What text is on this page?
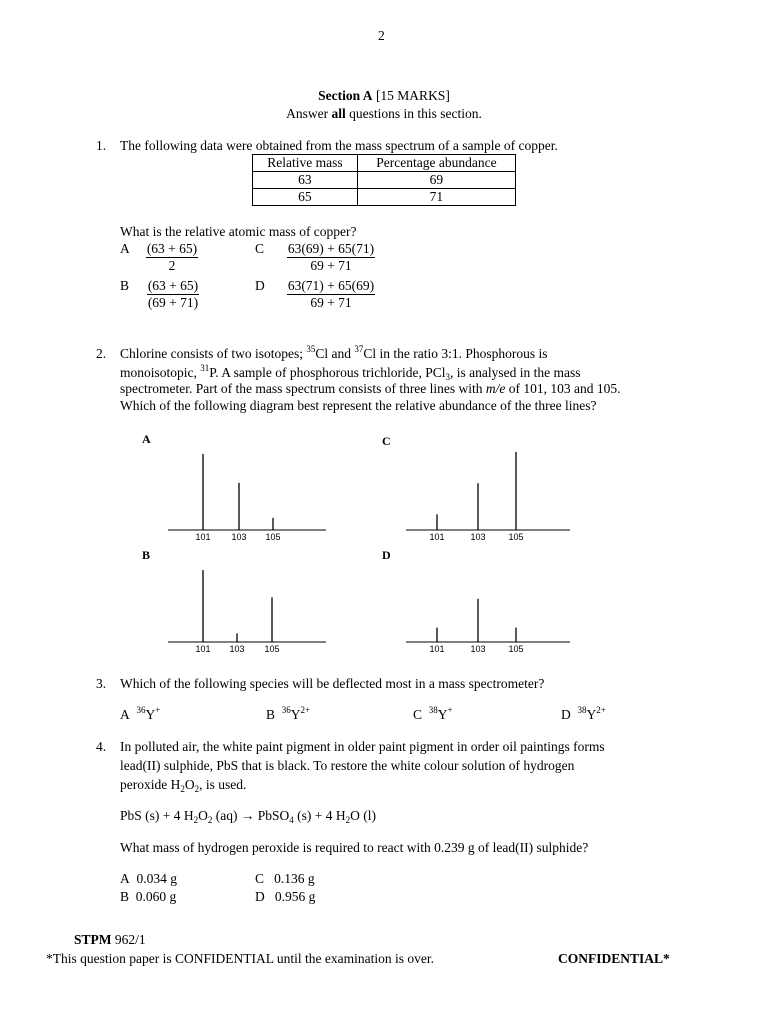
2
Section A [15 MARKS]
Answer all questions in this section.
1. The following data were obtained from the mass spectrum of a sample of copper.
Relative mass	Percentage abundance
63	69
65	71
What is the relative atomic mass of copper?
A $\frac{(63 + 65)}{2}$	C $\frac{63(69) + 65(71)}{69 + 71}$
B $\frac{(63 + 65)}{(69 + 71)}$	D $\frac{63(71) + 65(69)}{69 + 71}$
2. Chlorine consists of two isotopes; $^{35}$Cl and $^{37}$Cl in the ratio 3:1. Phosphorous is
monoisotopic, $^{31}$P. A sample of phosphorous trichloride, PCl$_3$, is analysed in the mass
spectrometer. Part of the mass spectrum consists of three lines with m/e of 101, 103 and 105.
Which of the following diagram best represent the relative abundance of the three lines?
A	C
B	D
101 103 105	101	103	105
101 103 105	101	103	105
3. Which of the following species will be deflected most in a mass spectrometer?
A $^{36}$Y+	B $^{36}Y^{2+}$	C $^{38}$Y+	D $^{38}Y^{2+}$
4. In polluted air, the white paint pigment in older paint pigment in order oil paintings forms
lead(II) sulphide, PbS that is black. To restore the white colour solution of hydrogen
peroxide $H_2O_2$, is used.
PbS (s) + 4 $H_2O_2$ (aq) → PbSO$_4$ (s) + 4 $H_2O$ (l)
What mass of hydrogen peroxide is required to react with 0.239 g of lead(II) sulphide?
A 0.034 g	C 0.136 g
B 0.060 g	D 0.956 g
STPM 962/1
*This question paper is CONFIDENTIAL until the examination is over.	CONFIDENTIAL*
